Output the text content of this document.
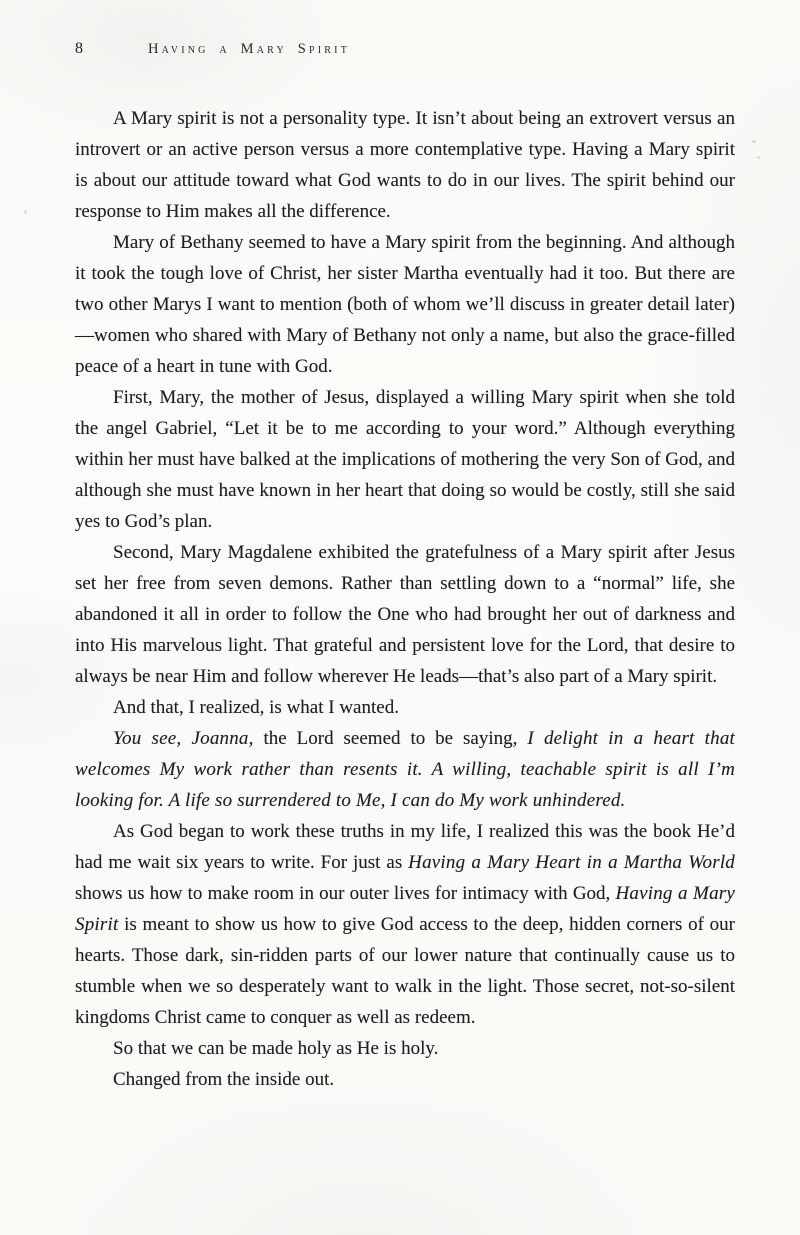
8	Having a Mary Spirit

A Mary spirit is not a personality type. It isn’t about being an extrovert versus an introvert or an active person versus a more contemplative type. Having a Mary spirit is about our attitude toward what God wants to do in our lives. The spirit behind our response to Him makes all the difference.

Mary of Bethany seemed to have a Mary spirit from the beginning. And although it took the tough love of Christ, her sister Martha eventually had it too. But there are two other Marys I want to mention (both of whom we’ll discuss in greater detail later)—women who shared with Mary of Bethany not only a name, but also the grace-filled peace of a heart in tune with God.

First, Mary, the mother of Jesus, displayed a willing Mary spirit when she told the angel Gabriel, “Let it be to me according to your word.” Although everything within her must have balked at the implications of mothering the very Son of God, and although she must have known in her heart that doing so would be costly, still she said yes to God’s plan.

Second, Mary Magdalene exhibited the gratefulness of a Mary spirit after Jesus set her free from seven demons. Rather than settling down to a “normal” life, she abandoned it all in order to follow the One who had brought her out of darkness and into His marvelous light. That grateful and persistent love for the Lord, that desire to always be near Him and follow wherever He leads—that’s also part of a Mary spirit.

And that, I realized, is what I wanted.

You see, Joanna, the Lord seemed to be saying, I delight in a heart that welcomes My work rather than resents it. A willing, teachable spirit is all I’m looking for. A life so surrendered to Me, I can do My work unhindered.

As God began to work these truths in my life, I realized this was the book He’d had me wait six years to write. For just as Having a Mary Heart in a Martha World shows us how to make room in our outer lives for intimacy with God, Having a Mary Spirit is meant to show us how to give God access to the deep, hidden corners of our hearts. Those dark, sin-ridden parts of our lower nature that continually cause us to stumble when we so desperately want to walk in the light. Those secret, not-so-silent kingdoms Christ came to conquer as well as redeem.

So that we can be made holy as He is holy.

Changed from the inside out.
